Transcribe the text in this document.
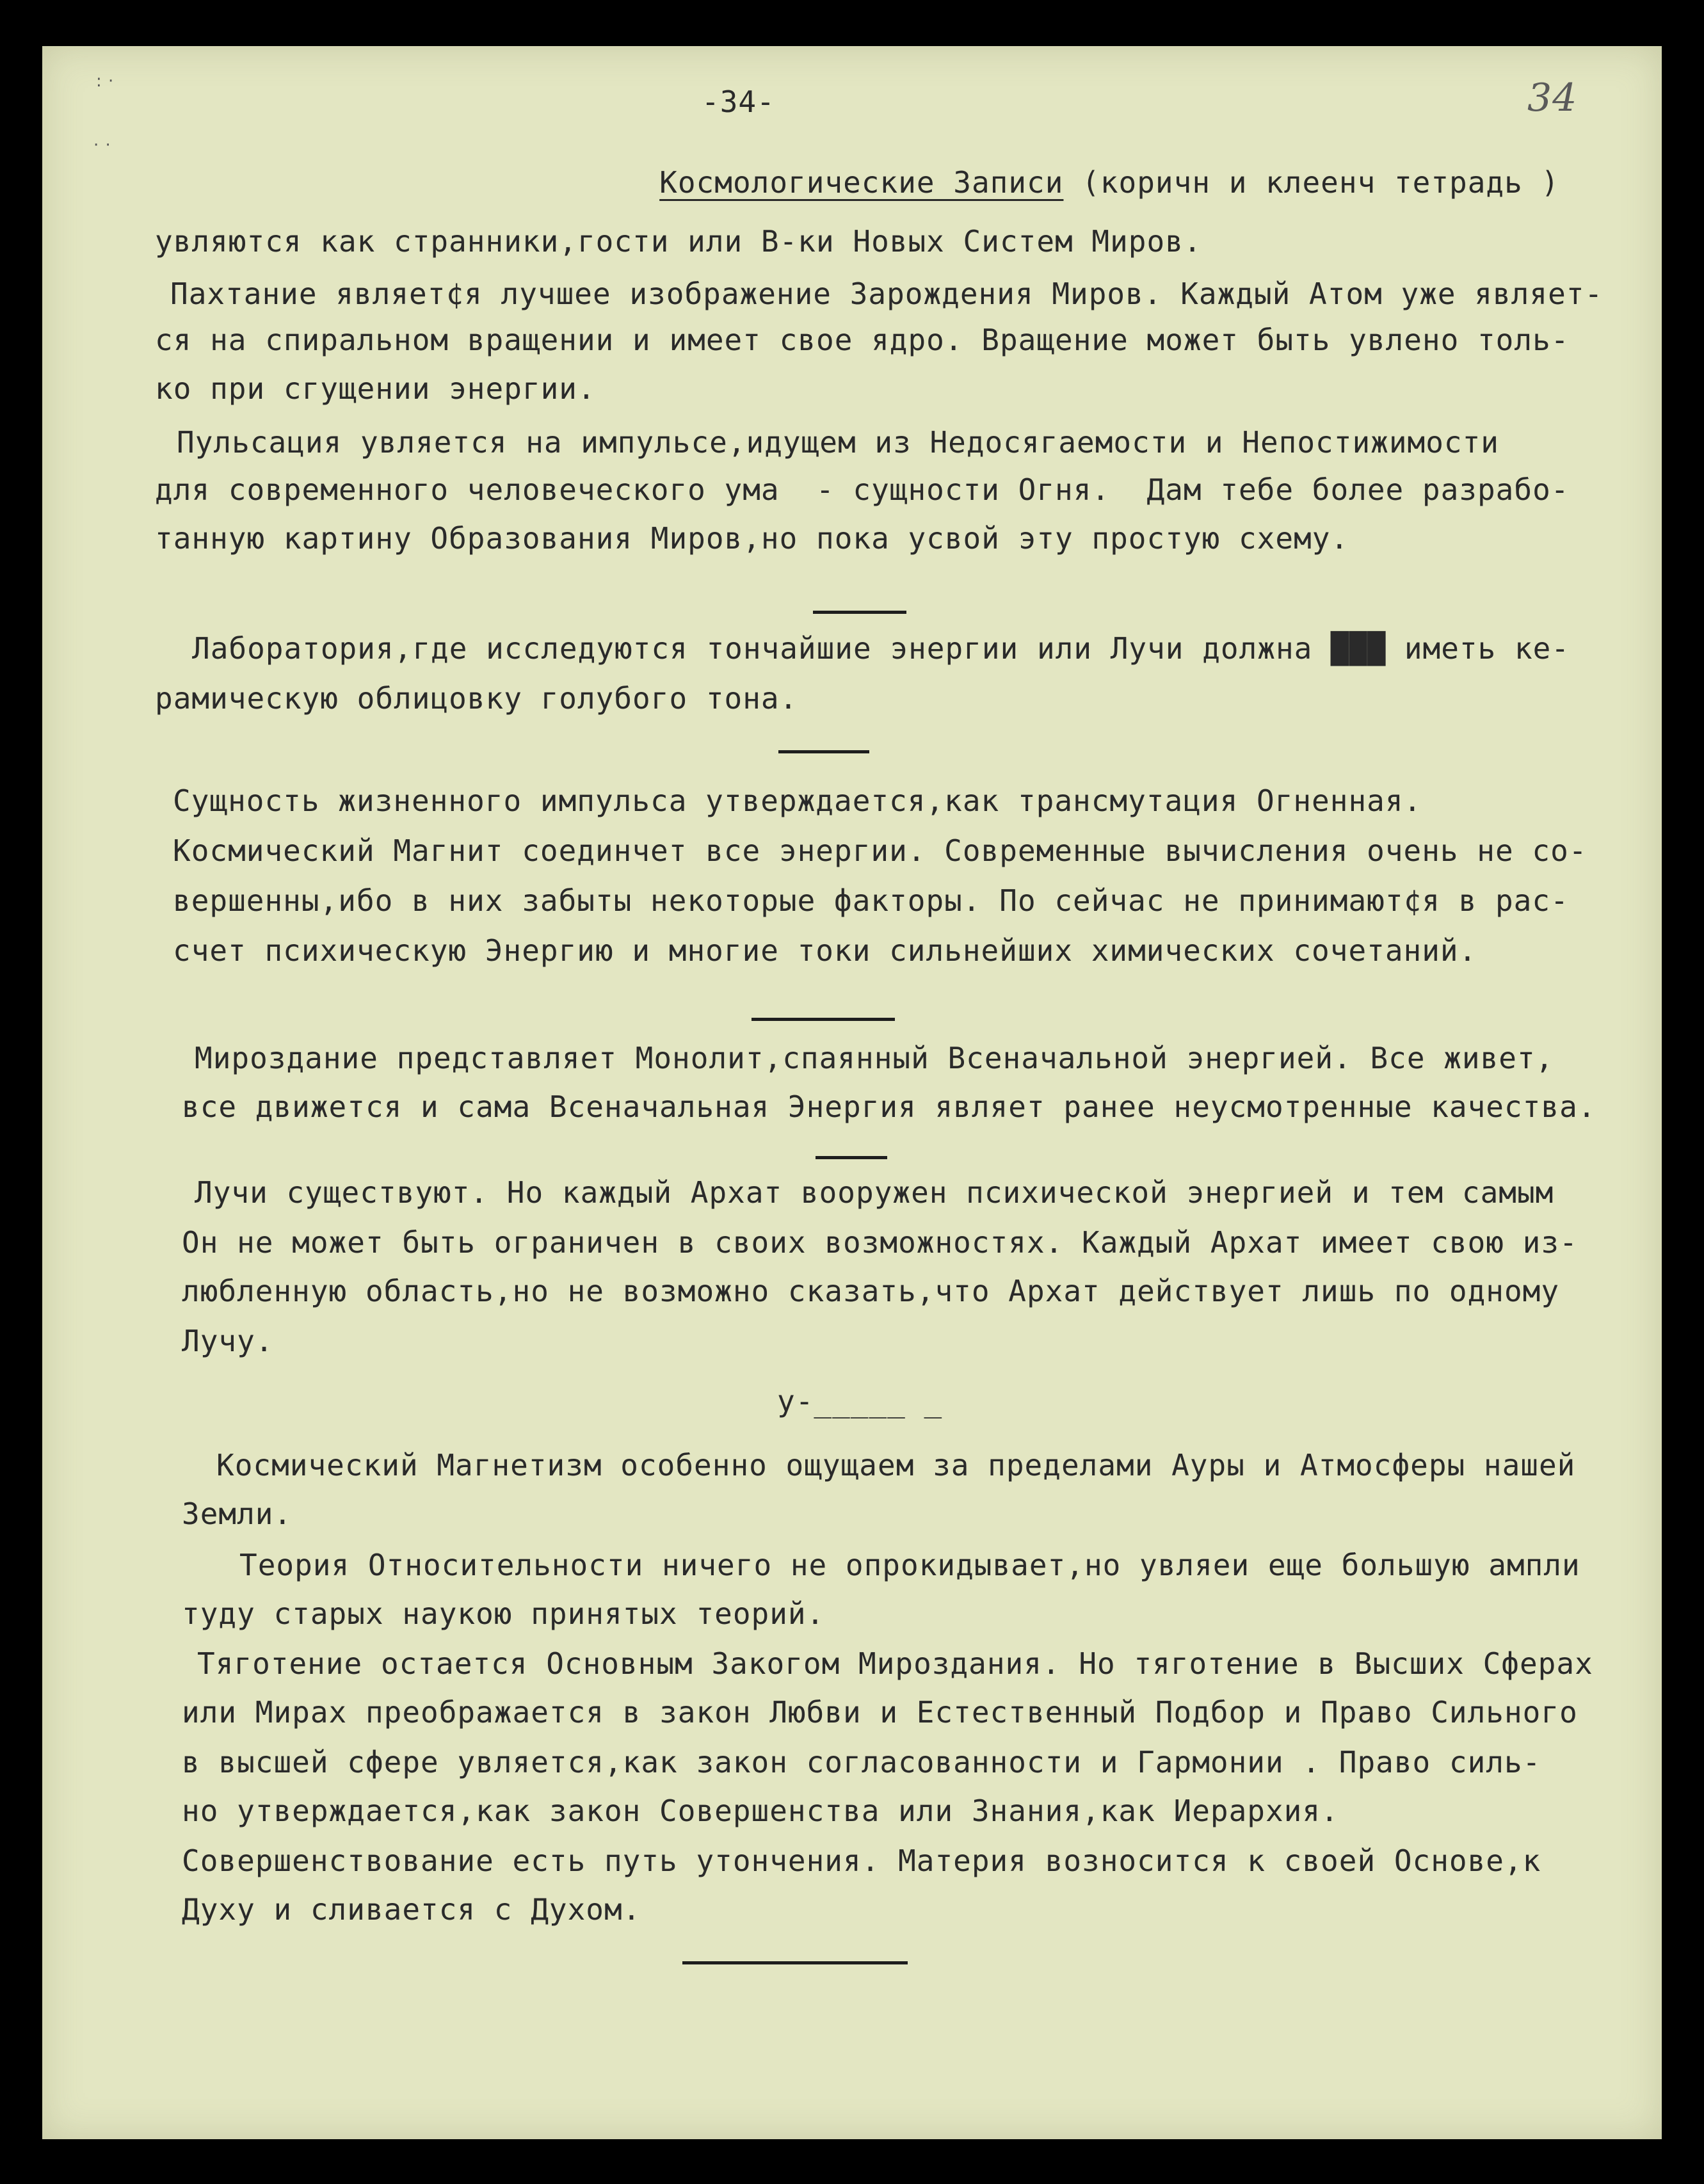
: ·
· ·
-34-	34

Космологические Записи (коричн и клеенч тетрадь )

увляются как странники,гости или В-ки Новых Систем Миров.
Пахтание являет¢я лучшее изображение Зарождения Миров. Каждый Атом уже являет-
ся на спиральном вращении и имеет свое ядро. Вращение может быть увлено толь-
ко при сгущении энергии.
Пульсация увляется на импульсе,идущем из Недосягаемости и Непостижимости
для современного человеческого ума  - сущности Огня.  Дам тебе более разрабо-
танную картину Образования Миров,но пока усвой эту простую схему.
Лаборатория,где исследуются тончайшие энергии или Лучи должна ███ иметь ке-
рамическую облицовку голубого тона.
Сущность жизненного импульса утверждается,как трансмутация Огненная.
Космический Магнит соединчет все энергии. Современные вычисления очень не со-
вершенны,ибо в них забыты некоторые факторы. По сейчас не принимают¢я в рас-
счет психическую Энергию и многие токи сильнейших химических сочетаний.
Мироздание представляет Монолит,спаянный Всеначальной энергией. Все живет,
все движется и сама Всеначальная Энергия являет ранее неусмотренные качества.
Лучи существуют. Но каждый Архат вооружен психической энергией и тем самым
Он не может быть ограничен в своих возможностях. Каждый Архат имеет свою из-
любленную область,но не возможно сказать,что Архат действует лишь по одному
Лучу.
у-_____ _
Космический Магнетизм особенно ощущаем за пределами Ауры и Атмосферы нашей
Земли.
Теория Относительности ничего не опрокидывает,но увляеи еще большую ампли
туду старых наукою принятых теорий.
Тяготение остается Основным Закогом Мироздания. Но тяготение в Высших Сферах
или Мирах преображается в закон Любви и Естественный Подбор и Право Сильного
в высшей сфере увляется,как закон согласованности и Гармонии . Право силь-
но утверждается,как закон Совершенства или Знания,как Иерархия.
Совершенствование есть путь утончения. Материя возносится к своей Основе,к
Духу и сливается с Духом.
